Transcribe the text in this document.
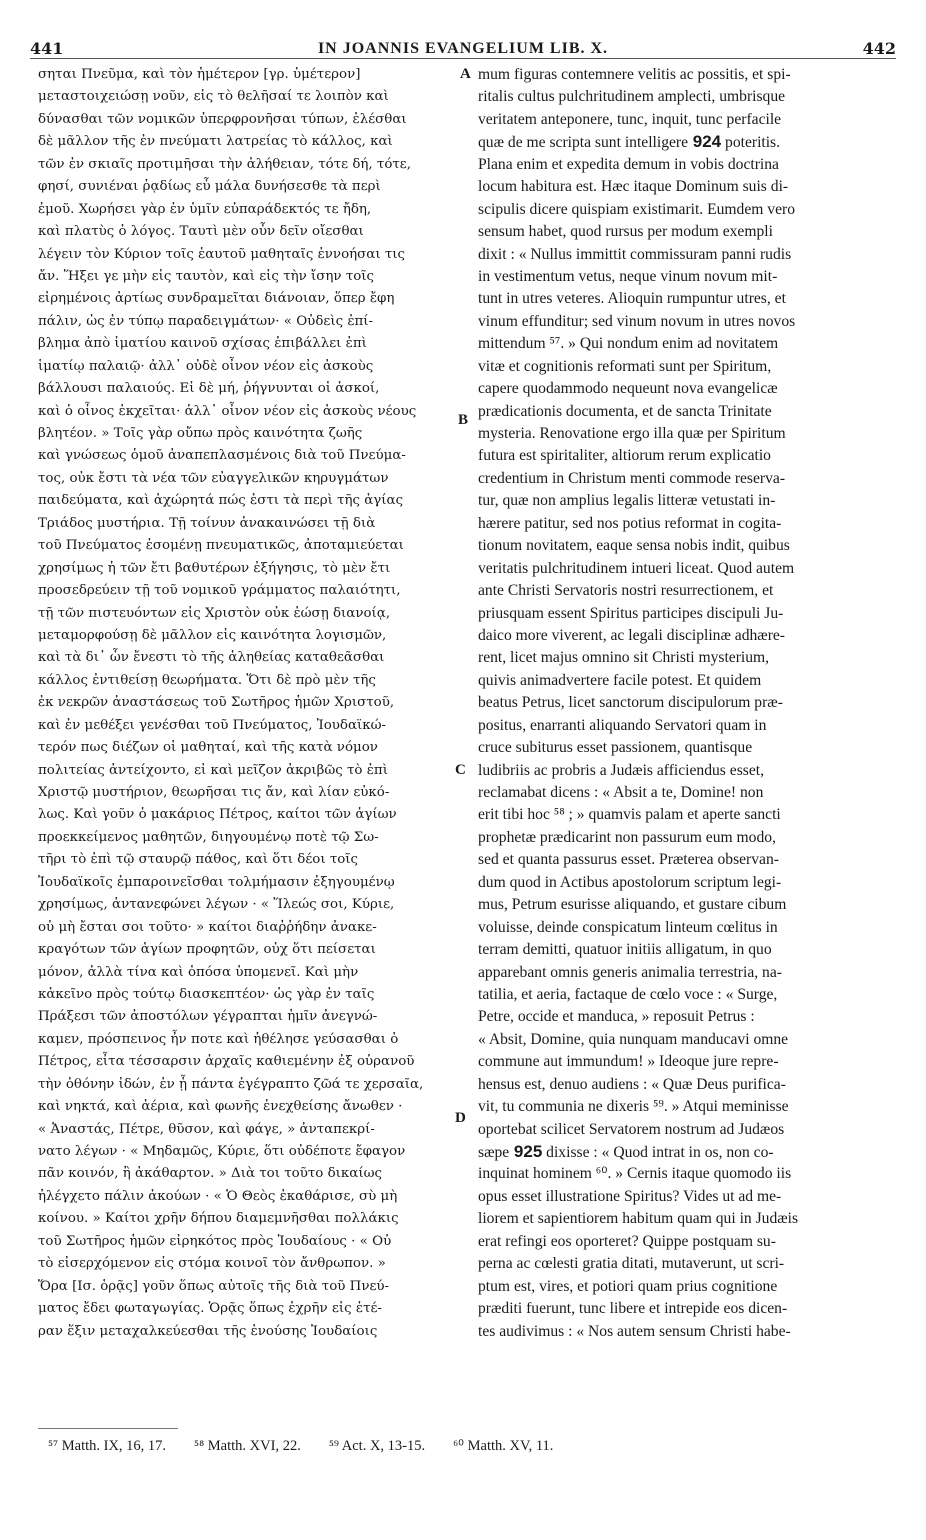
441	IN JOANNIS EVANGELIUM LIB. X.	442
σηται Πνεῦμα, καὶ τὸν ἡμέτερον [γρ. ὑμέτερον]
μεταστοιχειώσῃ νοῦν, εἰς τὸ θελῆσαί τε λοιπὸν καὶ
δύνασθαι τῶν νομικῶν ὑπερφρονῆσαι τύπων, ἑλέσθαι
δὲ μᾶλλον τῆς ἐν πνεύματι λατρείας τὸ κάλλος, καὶ
τῶν ἐν σκιαῖς προτιμῆσαι τὴν ἀλήθειαν, τότε δή, τότε,
φησί, συνιέναι ῥᾳδίως εὖ μάλα δυνήσεσθε τὰ περὶ
ἐμοῦ. Χωρήσει γὰρ ἐν ὑμῖν εὐπαράδεκτός τε ἤδη,
καὶ πλατὺς ὁ λόγος. Ταυτὶ μὲν οὖν δεῖν οἴεσθαι
λέγειν τὸν Κύριον τοῖς ἑαυτοῦ μαθηταῖς ἐννοήσαι τις
ἄν. Ἥξει γε μὴν εἰς ταυτὸν, καὶ εἰς τὴν ἴσην τοῖς
εἰρημένοις ἀρτίως συνδραμεῖται διάνοιαν, ὅπερ ἔφη
πάλιν, ὡς ἐν τύπῳ παραδειγμάτων· « Οὐδεὶς ἐπί-
βλημα ἀπὸ ἱματίου καινοῦ σχίσας ἐπιβάλλει ἐπὶ
ἱματίῳ παλαιῷ· ἀλλ᾽ οὐδὲ οἶνον νέον εἰς ἀσκοὺς
βάλλουσι παλαιούς. Εἰ δὲ μή, ῥήγνυνται οἱ ἀσκοί,
καὶ ὁ οἶνος ἐκχεῖται· ἀλλ᾽ οἶνον νέον εἰς ἀσκοὺς νέους
βλητέον. » Τοῖς γὰρ οὔπω πρὸς καινότητα ζωῆς
καὶ γνώσεως ὁμοῦ ἀναπεπλασμένοις διὰ τοῦ Πνεύμα-
τος, οὐκ ἔστι τὰ νέα τῶν εὐαγγελικῶν κηρυγμάτων
παιδεύματα, καὶ ἀχώρητά πώς ἐστι τὰ περὶ τῆς ἁγίας
Τριάδος μυστήρια. Τῇ τοίνυν ἀνακαινώσει τῇ διὰ
τοῦ Πνεύματος ἐσομένῃ πνευματικῶς, ἀποταμιεύεται
χρησίμως ἡ τῶν ἔτι βαθυτέρων ἐξήγησις, τὸ μὲν ἔτι
προσεδρεύειν τῇ τοῦ νομικοῦ γράμματος παλαιότητι,
τῇ τῶν πιστευόντων εἰς Χριστὸν οὐκ ἐώσῃ διανοίᾳ,
μεταμορφούσῃ δὲ μᾶλλον εἰς καινότητα λογισμῶν,
καὶ τὰ δι᾽ ὧν ἔνεστι τὸ τῆς ἀληθείας καταθεᾶσθαι
κάλλος ἐντιθείσῃ θεωρήματα. Ὅτι δὲ πρὸ μὲν τῆς
ἐκ νεκρῶν ἀναστάσεως τοῦ Σωτῆρος ἡμῶν Χριστοῦ,
καὶ ἐν μεθέξει γενέσθαι τοῦ Πνεύματος, Ἰουδαϊκώ-
τερόν πως διέζων οἱ μαθηταί, καὶ τῆς κατὰ νόμον
πολιτείας ἀντείχοντο, εἰ καὶ μεῖζον ἀκριβῶς τὸ ἐπὶ
Χριστῷ μυστήριον, θεωρῆσαι τις ἄν, καὶ λίαν εὐκό-
λως. Καὶ γοῦν ὁ μακάριος Πέτρος, καίτοι τῶν ἁγίων
προεκκείμενος μαθητῶν, διηγουμένῳ ποτὲ τῷ Σω-
τῆρι τὸ ἐπὶ τῷ σταυρῷ πάθος, καὶ ὅτι δέοι τοῖς
Ἰουδαϊκοῖς ἐμπαροινεῖσθαι τολμήμασιν ἐξηγουμένῳ
χρησίμως, ἀντανεφώνει λέγων · « Ἵλεώς σοι, Κύριε,
οὐ μὴ ἔσται σοι τοῦτο· » καίτοι διαῤῥήδην ἀνακε-
κραγότων τῶν ἁγίων προφητῶν, οὐχ ὅτι πείσεται
μόνον, ἀλλὰ τίνα καὶ ὁπόσα ὑπομενεῖ. Καὶ μὴν
κἀκεῖνο πρὸς τούτῳ διασκεπτέον· ὡς γὰρ ἐν ταῖς
Πράξεσι τῶν ἀποστόλων γέγραπται ἡμῖν ἀνεγνώ-
καμεν, πρόσπεινος ἦν ποτε καὶ ἠθέλησε γεύσασθαι ὁ
Πέτρος, εἶτα τέσσαρσιν ἀρχαῖς καθιεμένην ἐξ οὐρανοῦ
τὴν ὀθόνην ἰδών, ἐν ᾗ πάντα ἐγέγραπτο ζῶά τε χερσαῖα,
καὶ νηκτά, καὶ ἀέρια, καὶ φωνῆς ἐνεχθείσης ἄνωθεν ·
« Ἀναστάς, Πέτρε, θῦσον, καὶ φάγε, » ἀνταπεκρί-
νατο λέγων · « Μηδαμῶς, Κύριε, ὅτι οὐδέποτε ἔφαγον
πᾶν κοινόν, ἢ ἀκάθαρτον. » Διὰ τοι τοῦτο δικαίως
ἠλέγχετο πάλιν ἀκούων · « Ὁ Θεὸς ἐκαθάρισε, σὺ μὴ
κοίνου. » Καίτοι χρῆν δήπου διαμεμνῆσθαι πολλάκις
τοῦ Σωτῆρος ἡμῶν εἰρηκότος πρὸς Ἰουδαίους · « Οὐ
τὸ εἰσερχόμενον εἰς στόμα κοινοῖ τὸν ἄνθρωπον. »
Ὅρα [Ισ. ὁρᾷς] γοῦν ὅπως αὐτοῖς τῆς διὰ τοῦ Πνεύ-
ματος ἔδει φωταγωγίας. Ὁρᾷς ὅπως ἐχρῆν εἰς ἑτέ-
ραν ἕξιν μεταχαλκεύεσθαι τῆς ἑνούσης Ἰουδαίοις
mum figuras contemnere velitis ac possitis, et spi-
ritalis cultus pulchritudinem amplecti, umbrisque
veritatem anteponere, tunc, inquit, tunc perfacile
quæ de me scripta sunt intelligere 924 poteritis.
Plana enim et expedita demum in vobis doctrina
locum habitura est. Hæc itaque Dominum suis di-
scipulis dicere quispiam existimarit. Eumdem vero
sensum habet, quod rursus per modum exempli
dixit : « Nullus immittit commissuram panni rudis
in vestimentum vetus, neque vinum novum mit-
tunt in utres veteres. Alioquin rumpuntur utres, et
vinum effunditur; sed vinum novum in utres novos
mittendum ⁵⁷. » Qui nondum enim ad novitatem
vitæ et cognitionis reformati sunt per Spiritum,
capere quodammodo nequeunt nova evangelicæ
prædicationis documenta, et de sancta Trinitate
mysteria. Renovatione ergo illa quæ per Spiritum
futura est spiritaliter, altiorum rerum explicatio
credentium in Christum menti commode reserva-
tur, quæ non amplius legalis litteræ vetustati in-
hærere patitur, sed nos potius reformat in cogita-
tionum novitatem, eaque sensa nobis indit, quibus
veritatis pulchritudinem intueri liceat. Quod autem
ante Christi Servatoris nostri resurrectionem, et
priusquam essent Spiritus participes discipuli Ju-
daico more viverent, ac legali disciplinæ adhære-
rent, licet majus omnino sit Christi mysterium,
quivis animadvertere facile potest. Et quidem
beatus Petrus, licet sanctorum discipulorum præ-
positus, enarranti aliquando Servatori quam in
cruce subiturus esset passionem, quantisque
ludibriis ac probris a Judæis afficiendus esset,
reclamabat dicens : « Absit a te, Domine! non
erit tibi hoc ⁵⁸ ; » quamvis palam et aperte sancti
prophetæ prædicarint non passurum eum modo,
sed et quanta passurus esset. Præterea observan-
dum quod in Actibus apostolorum scriptum legi-
mus, Petrum esurisse aliquando, et gustare cibum
voluisse, deinde conspicatum linteum cœlitus in
terram demitti, quatuor initiis alligatum, in quo
apparebant omnis generis animalia terrestria, na-
tatilia, et aeria, factaque de cœlo voce : « Surge,
Petre, occide et manduca, » reposuit Petrus :
« Absit, Domine, quia nunquam manducavi omne
commune aut immundum! » Ideoque jure repre-
hensus est, denuo audiens : « Quæ Deus purifica-
vit, tu communia ne dixeris ⁵⁹. » Atqui meminisse
oportebat scilicet Servatorem nostrum ad Judæos
sæpe 925 dixisse : « Quod intrat in os, non co-
inquinat hominem ⁶⁰. » Cernis itaque quomodo iis
opus esset illustratione Spiritus? Vides ut ad me-
liorem et sapientiorem habitum quam qui in Judæis
erat refingi eos oporteret? Quippe postquam su-
perna ac cœlesti gratia ditati, mutaverunt, ut scri-
ptum est, vires, et potiori quam prius cognitione
præditi fuerunt, tunc libere et intrepide eos dicen-
tes audivimus : « Nos autem sensum Christi habe-
A
B
C
D
⁵⁷ Matth. IX, 16, 17. ⁵⁸ Matth. XVI, 22. ⁵⁹ Act. X, 13-15. ⁶⁰ Matth. XV, 11.
